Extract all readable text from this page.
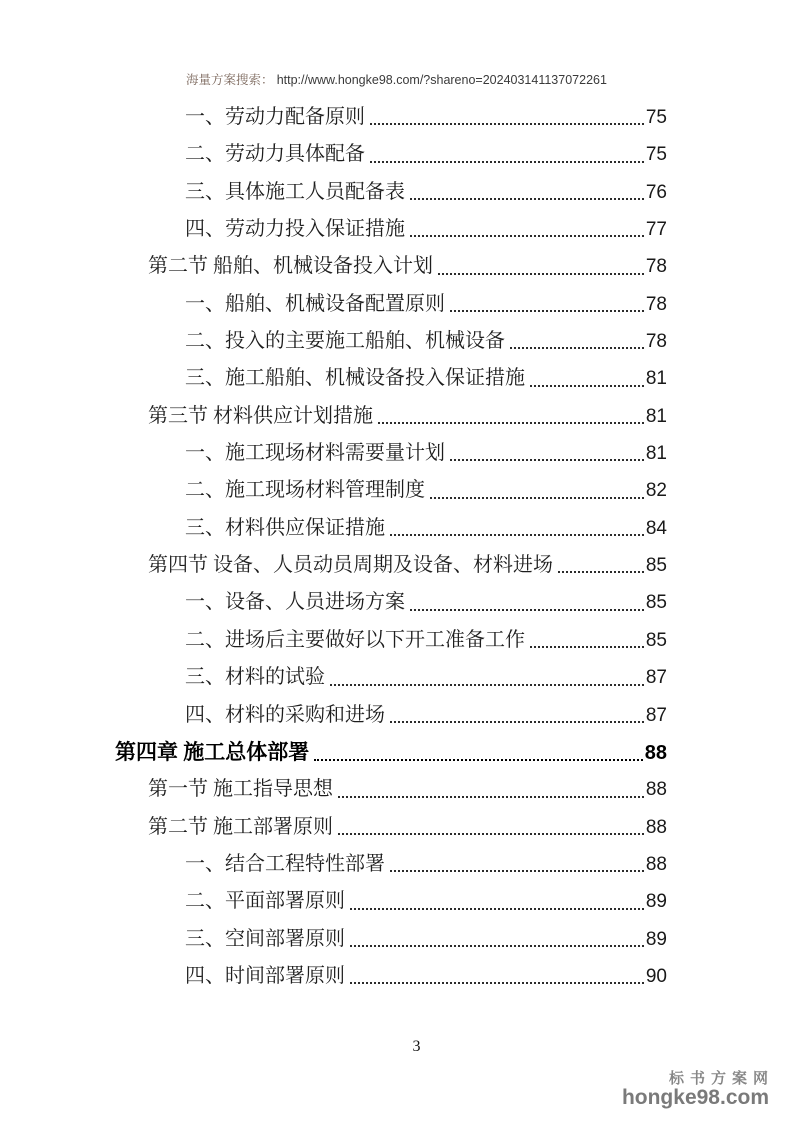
海量方案搜索： http://www.hongke98.com/?shareno=202403141137072261
一、劳动力配备原则	75
二、劳动力具体配备	75
三、具体施工人员配备表	76
四、劳动力投入保证措施	77
第二节 船舶、机械设备投入计划	78
一、船舶、机械设备配置原则	78
二、投入的主要施工船舶、机械设备	78
三、施工船舶、机械设备投入保证措施	81
第三节 材料供应计划措施	81
一、施工现场材料需要量计划	81
二、施工现场材料管理制度	82
三、材料供应保证措施	84
第四节 设备、人员动员周期及设备、材料进场	85
一、设备、人员进场方案	85
二、进场后主要做好以下开工准备工作	85
三、材料的试验	87
四、材料的采购和进场	87
第四章 施工总体部署	88
第一节 施工指导思想	88
第二节 施工部署原则	88
一、结合工程特性部署	88
二、平面部署原则	89
三、空间部署原则	89
四、时间部署原则	90
3
标书方案网
hongke98.com
